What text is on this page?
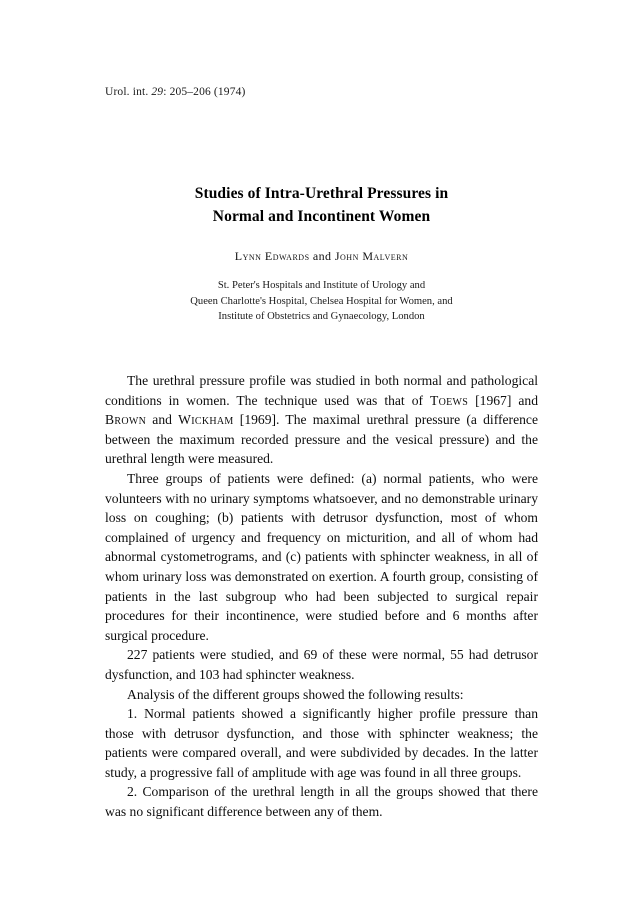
Urol. int. 29: 205–206 (1974)
Studies of Intra-Urethral Pressures in
Normal and Incontinent Women
Lynn Edwards and John Malvern
St. Peter's Hospitals and Institute of Urology and
Queen Charlotte's Hospital, Chelsea Hospital for Women, and
Institute of Obstetrics and Gynaecology, London

The urethral pressure profile was studied in both normal and pathological conditions in women. The technique used was that of Toews [1967] and Brown and Wickham [1969]. The maximal urethral pressure (a difference between the maximum recorded pressure and the vesical pressure) and the urethral length were measured.

Three groups of patients were defined: (a) normal patients, who were volunteers with no urinary symptoms whatsoever, and no demonstrable urinary loss on coughing; (b) patients with detrusor dysfunction, most of whom complained of urgency and frequency on micturition, and all of whom had abnormal cystometrograms, and (c) patients with sphincter weakness, in all of whom urinary loss was demonstrated on exertion. A fourth group, consisting of patients in the last subgroup who had been subjected to surgical repair procedures for their incontinence, were studied before and 6 months after surgical procedure.

227 patients were studied, and 69 of these were normal, 55 had detrusor dysfunction, and 103 had sphincter weakness.

Analysis of the different groups showed the following results:

1. Normal patients showed a significantly higher profile pressure than those with detrusor dysfunction, and those with sphincter weakness; the patients were compared overall, and were subdivided by decades. In the latter study, a progressive fall of amplitude with age was found in all three groups.

2. Comparison of the urethral length in all the groups showed that there was no significant difference between any of them.
